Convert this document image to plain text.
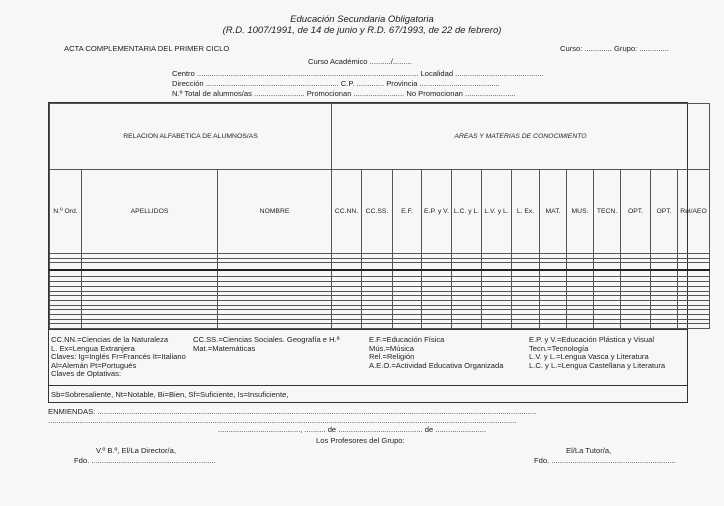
Educación Secundaria Obligatoria
(R.D. 1007/1991, de 14 de junio y R.D. 67/1993, de 22 de febrero)
ACTA COMPLEMENTARIA DEL PRIMER CICLO	Curso: ............. Grupo: ..............
Curso Académico ........../.........
Centro ......................................................................................................... Localidad ..........................................
Dirección ............................................................... C.P. ............. Provincia ......................................
N.º Total de alumnos/as ........................ Promocionan ........................ No Promocionan ........................
RELACION ALFABETICA DE ALUMNOS/AS			AREAS Y MATERIAS DE CONOCIMIENTO												
N.º Ord.	APELLIDOS	NOMBRE	CC.NN.	CC.SS.	E.F.	E.P. y V.	L.C. y L.	L.V. y L.	L. Ex.	MAT.	MUS.	TECN.	OPT.	OPT.	Rel/AEO

CC.NN.=Ciencias de la Naturaleza
L. Ex=Lengua Extranjera
Claves: Ig=Inglés Fr=Francés It=Italiano
Al=Alemán Pt=Portugués
Claves de Optativas:
CC.SS.=Ciencias Sociales. Geografía e H.ª
Mat.=Matemáticas
E.F.=Educación Física
Mús.=Música
Rel.=Religión
A.E.O.=Actividad Educativa Organizada
E.P. y V.=Educación Plástica y Visual
Tecn.=Tecnología
L.V. y L.=Lengua Vasca y Literatura
L.C. y L.=Lengua Castellana y Literatura
Sb=Sobresaliente, Nt=Notable, Bi=Bien, Sf=Suficiente, Is=Insuficiente,
ENMIENDAS: ................................................................................................................................................................................................................
..............................................................................................................................................................................................................................
......................................., .......... de ........................................ de ........................
Los Profesores del Grupo:
V.º B.º, El/La Director/a,	El/La Tutor/a,
Fdo. ...........................................................	Fdo. ...........................................................
